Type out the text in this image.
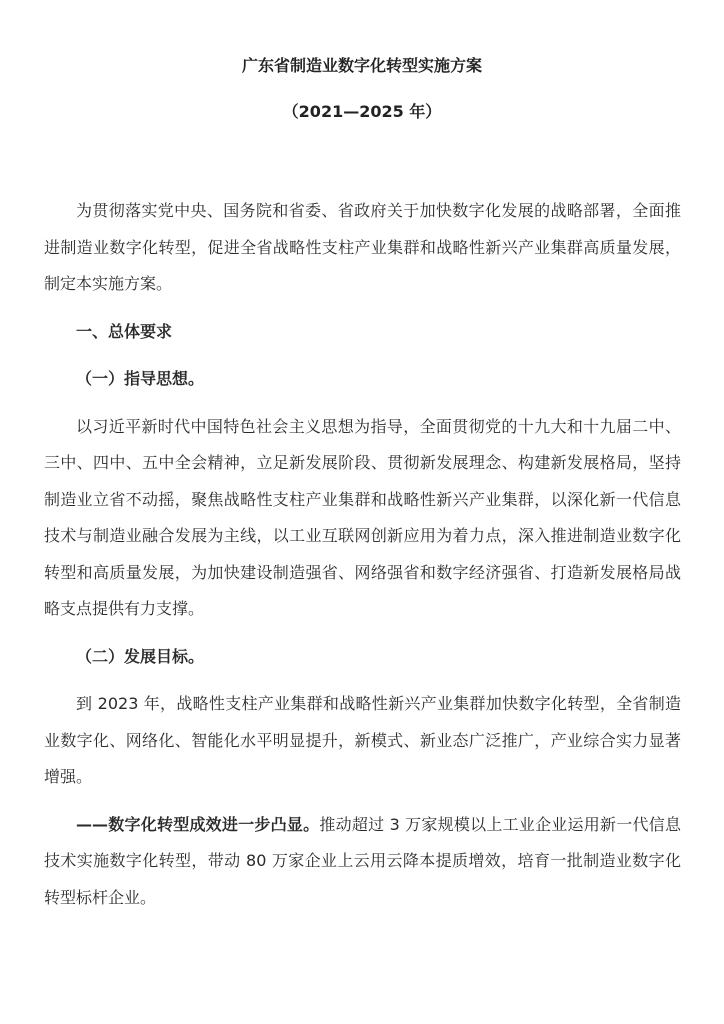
广东省制造业数字化转型实施方案
（2021—2025 年）

为贯彻落实党中央、国务院和省委、省政府关于加快数字化发展的战略部署，全面推进制造业数字化转型，促进全省战略性支柱产业集群和战略性新兴产业集群高质量发展，制定本实施方案。

一、总体要求

（一）指导思想。

以习近平新时代中国特色社会主义思想为指导，全面贯彻党的十九大和十九届二中、三中、四中、五中全会精神，立足新发展阶段、贯彻新发展理念、构建新发展格局，坚持制造业立省不动摇，聚焦战略性支柱产业集群和战略性新兴产业集群，以深化新一代信息技术与制造业融合发展为主线，以工业互联网创新应用为着力点，深入推进制造业数字化转型和高质量发展，为加快建设制造强省、网络强省和数字经济强省、打造新发展格局战略支点提供有力支撑。

（二）发展目标。

到 2023 年，战略性支柱产业集群和战略性新兴产业集群加快数字化转型，全省制造业数字化、网络化、智能化水平明显提升，新模式、新业态广泛推广，产业综合实力显著增强。

——数字化转型成效进一步凸显。推动超过 3 万家规模以上工业企业运用新一代信息技术实施数字化转型，带动 80 万家企业上云用云降本提质增效，培育一批制造业数字化转型标杆企业。
